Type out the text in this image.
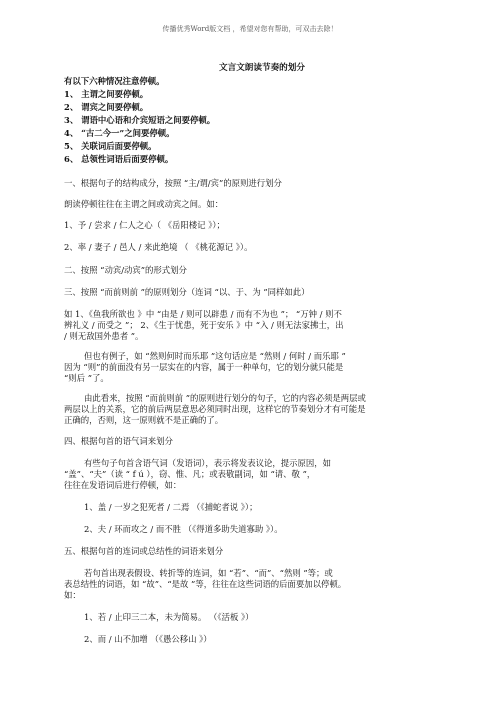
传播优秀Word版文档 ，希望对您有帮助，可双击去除！
文言文朗读节奏的划分
有以下六种情况注意停顿。
1、 主谓之间要停顿。
2、 谓宾之间要停顿。
3、 谓语中心语和介宾短语之间要停顿。
4、 “古二今一”之间要停顿。
5、 关联词后面要停顿。
6、 总领性词语后面要停顿。
一、根据句子的结构成分，按照 “主/谓/宾”的原则进行划分
朗读停顿往往在主谓之间或动宾之间。如：
1、予 / 尝求 / 仁人之心（ 《岳阳楼记 》）；
2、率 / 妻子 / 邑人 / 来此绝境 （ 《桃花源记 》）。
二、按照 “动宾/动宾”的形式划分
三、按照 “而前则前 ”的原则划分（连词 “以、于、为 ”同样如此）
如 1、《鱼我所欲也 》中 “由是 / 则可以辟患 / 而有不为也 ”； “万钟 / 则不
辨礼义 / 而受之 ”； 2、《生于忧患，死于安乐 》中 “入 / 则无法家拂士，出
/ 则无敌国外患者 ”。
但也有例子，如 “然则何时而乐耶 ”这句话应是 “然则 / 何时 / 而乐耶 ”
因为 “则”的前面没有另一层实在的内容，属于一种单句，它的划分就只能是
“则后 ”了。
由此看来，按照 “而前则前 ”的原则进行划分的句子，它的内容必须是两层或
两层以上的关系，它的前后两层意思必须同时出现，这样它的节奏划分才有可能是
正确的，否则，这一原则就不是正确的了。
四、根据句首的语气词来划分
有些句子句首含语气词（发语词），表示将发表议论，提示原因，如
“盖”、“夫”（读 “ f ú ），窃、惟、凡；或表敬副词，如 “请、敬 ”，
往往在发语词后进行停顿，如：
1、盖 / 一岁之犯死者 / 二焉 （《捕蛇者说 》）；
2、夫 / 环而攻之 / 而不胜 （《得道多助失道寡助 》）。
五、根据句首的连词或总结性的词语来划分
若句首出现表假设、转折等的连词，如 “若”、“而”、“然则 ”等；或
表总结性的词语，如 “故”、“是故 ”等，往往在这些词语的后面要加以停顿。
如：
1、若 / 止印三二本，未为简易。 （《活板 》）
2、而 / 山不加增 （《愚公移山 》）
